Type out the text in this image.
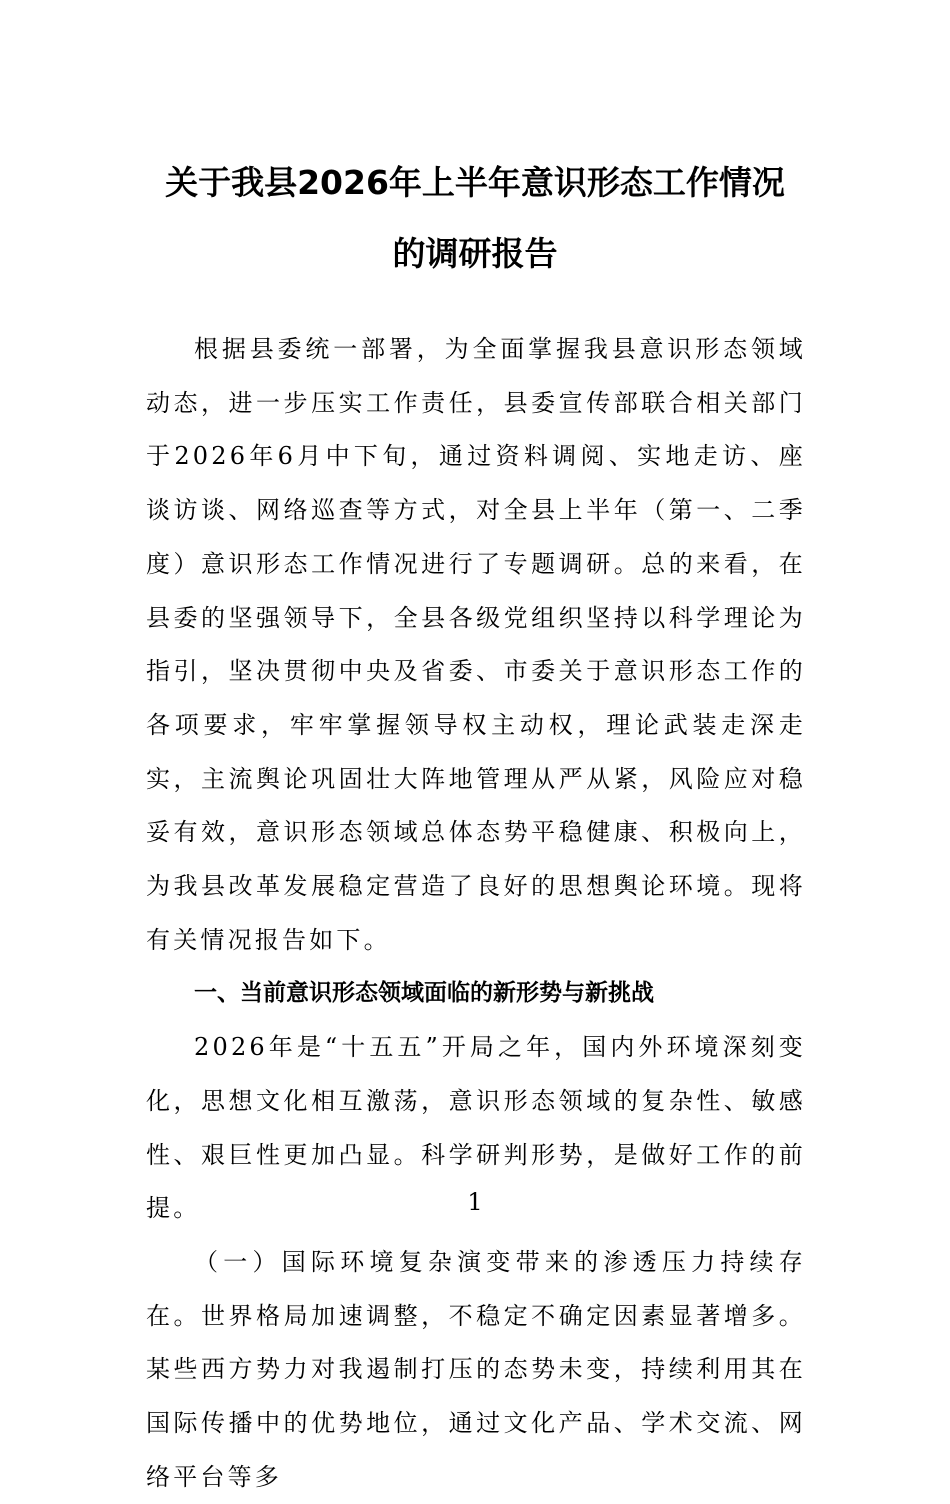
关于我县2026年上半年意识形态工作情况
的调研报告

根据县委统一部署，为全面掌握我县意识形态领域动态，进一步压实工作责任，县委宣传部联合相关部门于2026年6月中下旬，通过资料调阅、实地走访、座谈访谈、网络巡查等方式，对全县上半年（第一、二季度）意识形态工作情况进行了专题调研。总的来看，在县委的坚强领导下，全县各级党组织坚持以科学理论为指引，坚决贯彻中央及省委、市委关于意识形态工作的各项要求，牢牢掌握领导权主动权，理论武装走深走实，主流舆论巩固壮大阵地管理从严从紧，风险应对稳妥有效，意识形态领域总体态势平稳健康、积极向上，为我县改革发展稳定营造了良好的思想舆论环境。现将有关情况报告如下。

一、当前意识形态领域面临的新形势与新挑战

2026年是“十五五”开局之年，国内外环境深刻变化，思想文化相互激荡，意识形态领域的复杂性、敏感性、艰巨性更加凸显。科学研判形势，是做好工作的前提。

（一）国际环境复杂演变带来的渗透压力持续存在。世界格局加速调整，不稳定不确定因素显著增多。某些西方势力对我遏制打压的态势未变，持续利用其在国际传播中的优势地位，通过文化产品、学术交流、网络平台等多

1
